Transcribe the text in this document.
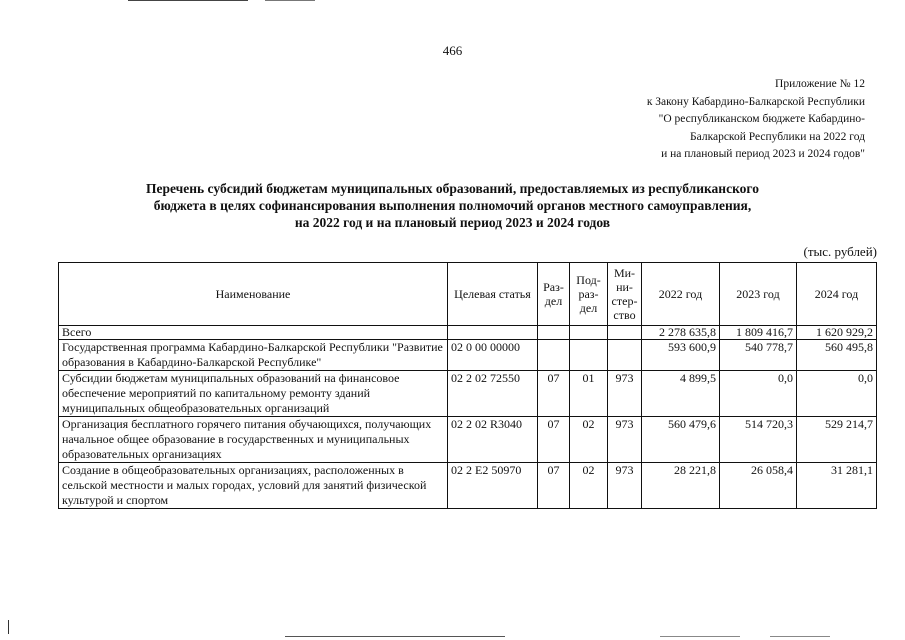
466
Приложение № 12
к Закону Кабардино-Балкарской Республики
"О республиканском бюджете Кабардино-
Балкарской Республики на 2022 год
и на плановый период 2023 и 2024 годов"
Перечень субсидий бюджетам муниципальных образований, предоставляемых из республиканского
бюджета в целях софинансирования выполнения полномочий органов местного самоуправления,
на 2022 год и на плановый период 2023 и 2024 годов
(тыс. рублей)
Наименование	Целевая статья	Раз-дел	Под-раз-дел	Ми-ни-стер-ство	2022 год	2023 год	2024 год
Всего					2 278 635,8	1 809 416,7	1 620 929,2
Государственная программа Кабардино-Балкарской Республики "Развитие образования в Кабардино-Балкарской Республике"	02 0 00 00000				593 600,9	540 778,7	560 495,8
Субсидии бюджетам муниципальных образований на финансовое обеспечение мероприятий по капитальному ремонту зданий муниципальных общеобразовательных организаций	02 2 02 72550	07	01	973	4 899,5	0,0	0,0
Организация бесплатного горячего питания обучающихся, получающих начальное общее образование в государственных и муниципальных образовательных организациях	02 2 02 R3040	07	02	973	560 479,6	514 720,3	529 214,7
Создание в общеобразовательных организациях, расположенных в сельской местности и малых городах, условий для занятий физической культурой и спортом	02 2 E2 50970	07	02	973	28 221,8	26 058,4	31 281,1
